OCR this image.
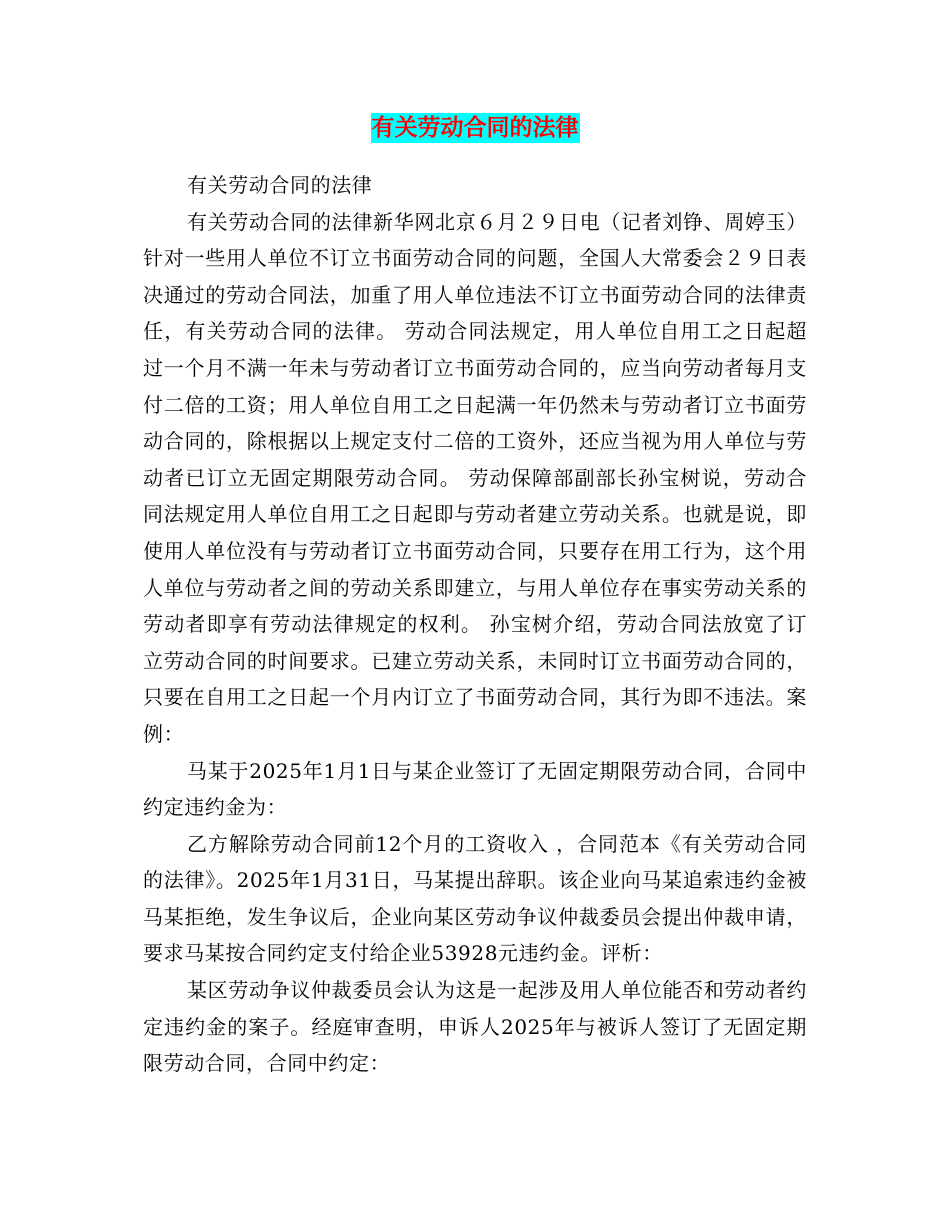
有关劳动合同的法律

有关劳动合同的法律

有关劳动合同的法律新华网北京６月２９日电（记者刘铮、周婷玉）针对一些用人单位不订立书面劳动合同的问题，全国人大常委会２９日表决通过的劳动合同法，加重了用人单位违法不订立书面劳动合同的法律责任，有关劳动合同的法律。 劳动合同法规定，用人单位自用工之日起超过一个月不满一年未与劳动者订立书面劳动合同的，应当向劳动者每月支付二倍的工资；用人单位自用工之日起满一年仍然未与劳动者订立书面劳动合同的，除根据以上规定支付二倍的工资外，还应当视为用人单位与劳动者已订立无固定期限劳动合同。 劳动保障部副部长孙宝树说，劳动合同法规定用人单位自用工之日起即与劳动者建立劳动关系。也就是说，即使用人单位没有与劳动者订立书面劳动合同，只要存在用工行为，这个用人单位与劳动者之间的劳动关系即建立，与用人单位存在事实劳动关系的劳动者即享有劳动法律规定的权利。 孙宝树介绍，劳动合同法放宽了订立劳动合同的时间要求。已建立劳动关系，未同时订立书面劳动合同的，只要在自用工之日起一个月内订立了书面劳动合同，其行为即不违法。案例：

马某于2025年1月1日与某企业签订了无固定期限劳动合同，合同中约定违约金为：

乙方解除劳动合同前12个月的工资收入 ，合同范本《有关劳动合同的法律》。2025年1月31日，马某提出辞职。该企业向马某追索违约金被马某拒绝，发生争议后，企业向某区劳动争议仲裁委员会提出仲裁申请，要求马某按合同约定支付给企业53928元违约金。评析：

某区劳动争议仲裁委员会认为这是一起涉及用人单位能否和劳动者约定违约金的案子。经庭审查明，申诉人2025年与被诉人签订了无固定期限劳动合同，合同中约定：
